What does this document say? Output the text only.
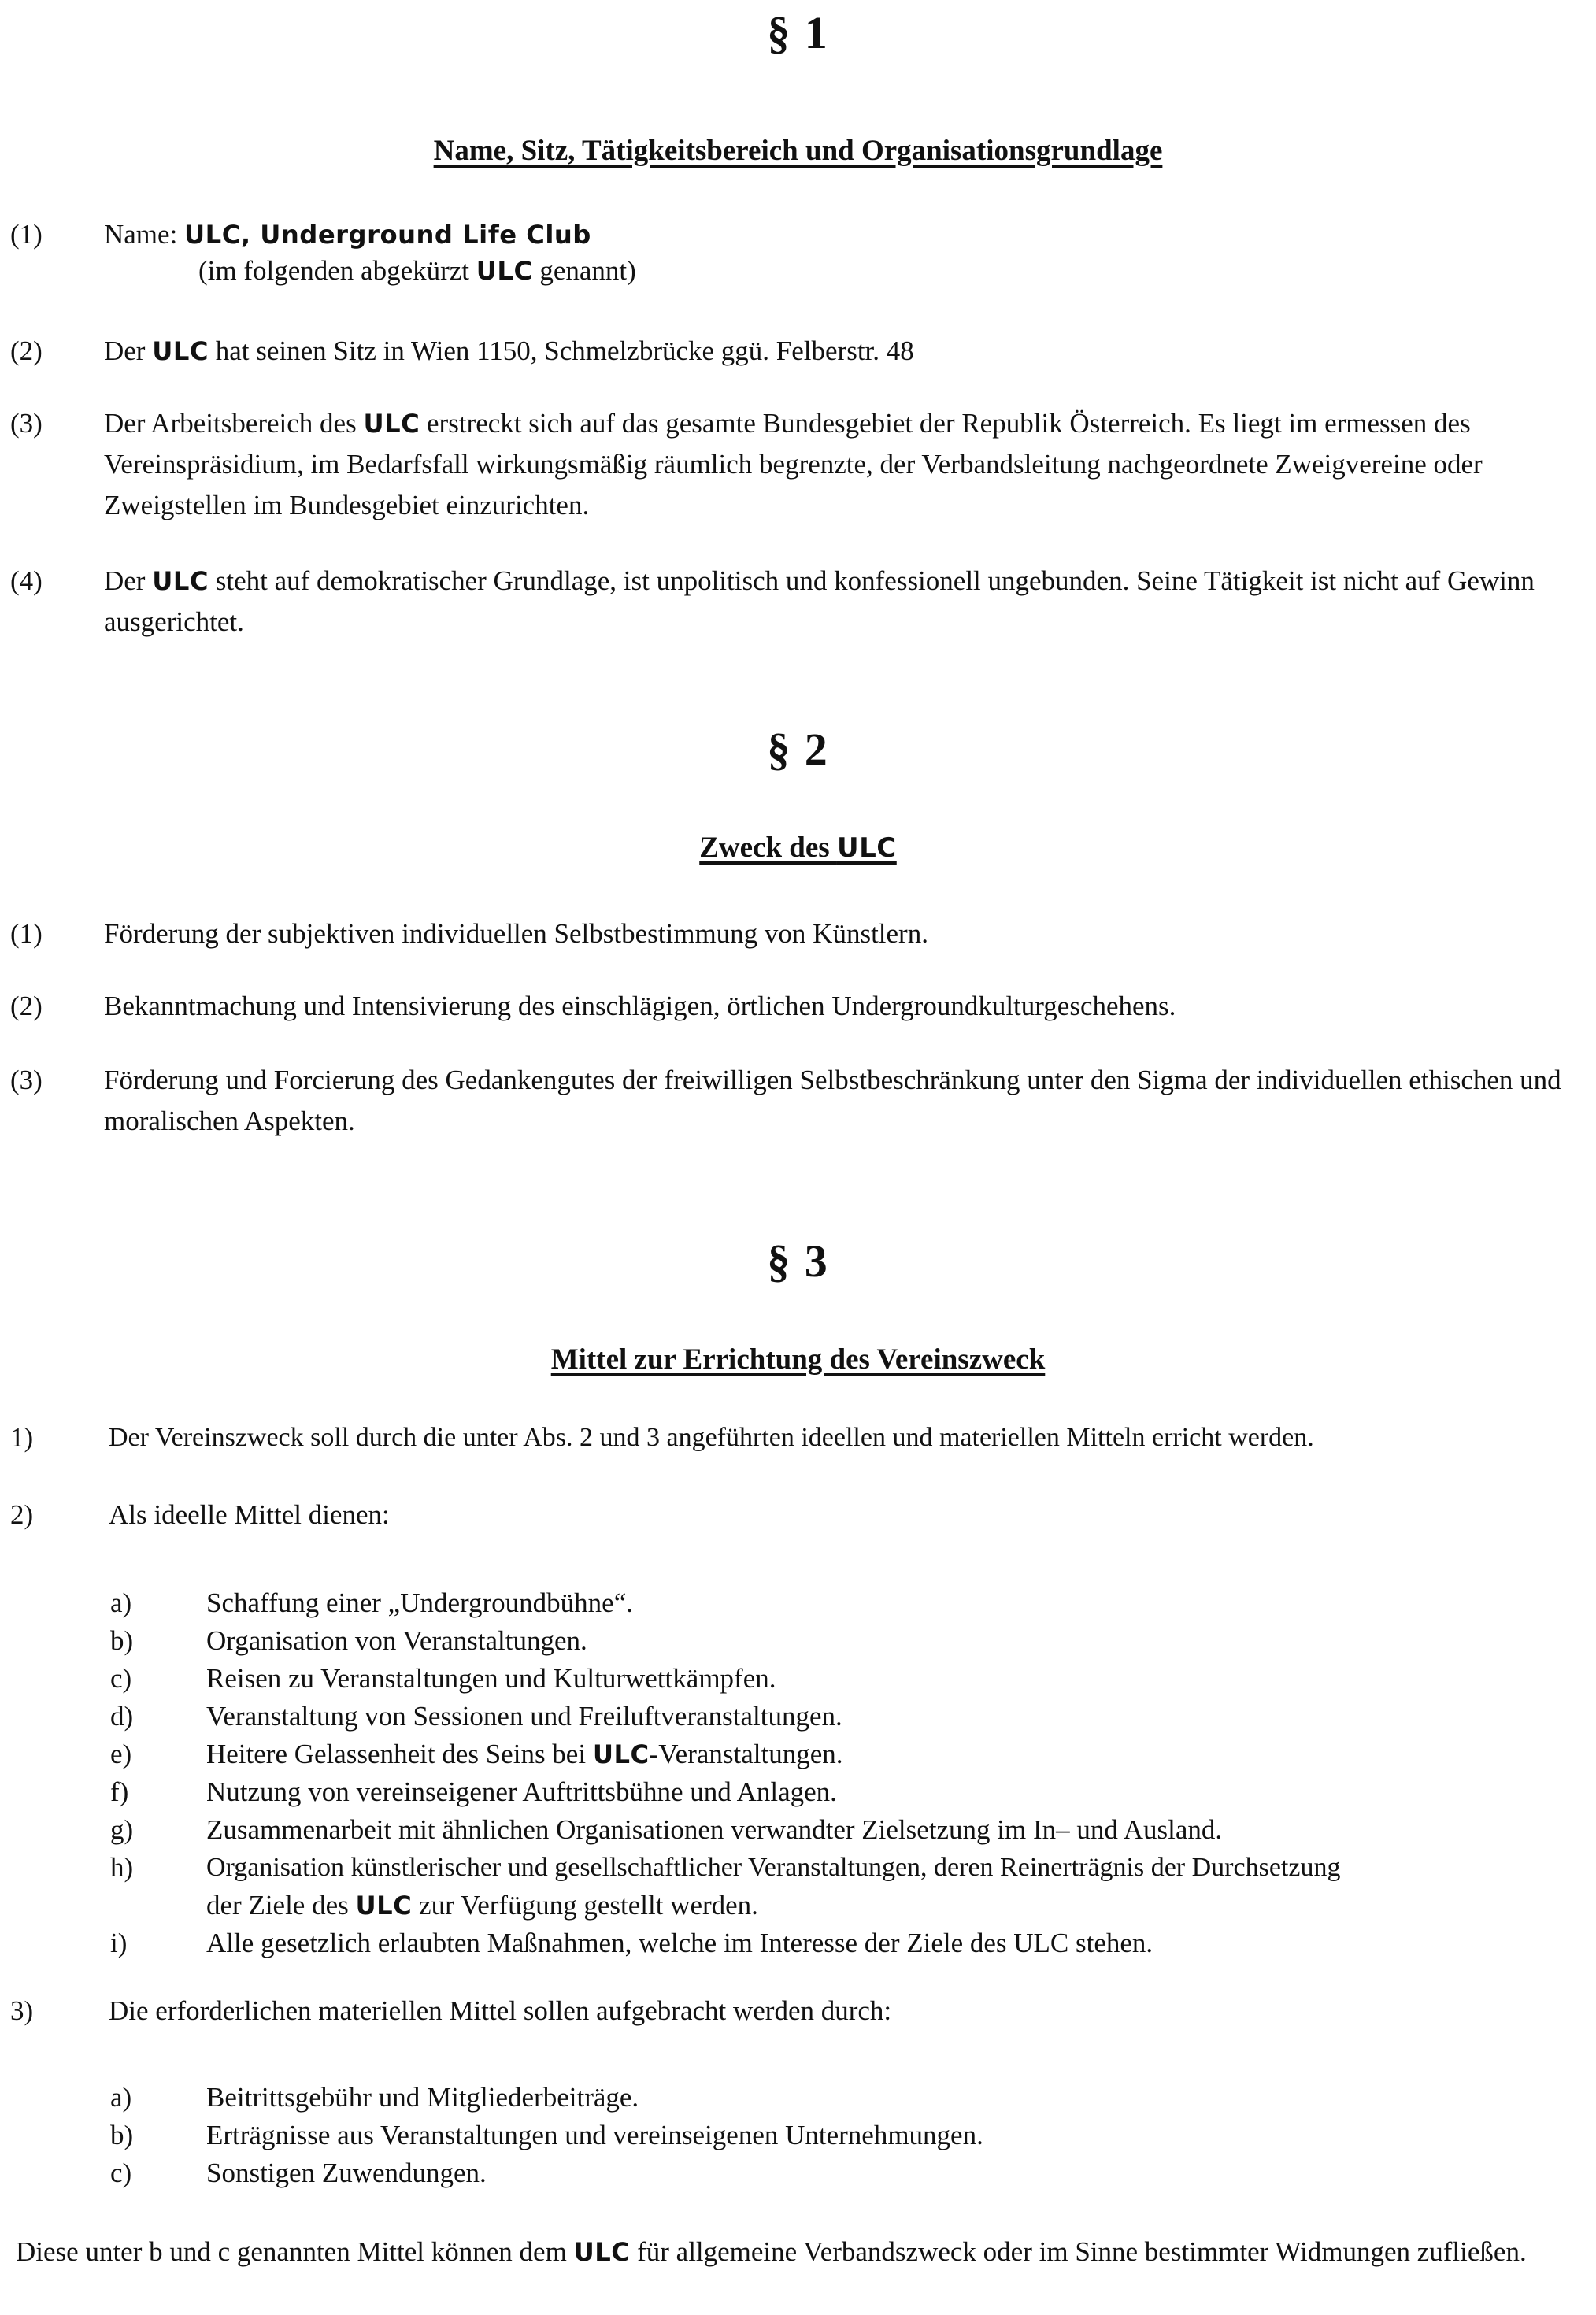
§ 1
Name, Sitz, Tätigkeitsbereich und Organisationsgrundlage
(1) Name: ULC, Underground Life Club
(im folgenden abgekürzt ULC genannt)
(2) Der ULC hat seinen Sitz in Wien 1150, Schmelzbrücke ggü. Felberstr. 48
(3) Der Arbeitsbereich des ULC erstreckt sich auf das gesamte Bundesgebiet der Republik Österreich. Es liegt im ermessen des Vereinspräsidium, im Bedarfsfall wirkungsmäßig räumlich begrenzte, der Verbandsleitung nachgeordnete Zweigvereine oder Zweigstellen im Bundesgebiet einzurichten.
(4) Der ULC steht auf demokratischer Grundlage, ist unpolitisch und konfessionell ungebunden. Seine Tätigkeit ist nicht auf Gewinn ausgerichtet.
§ 2
Zweck des ULC
(1) Förderung der subjektiven individuellen Selbstbestimmung von Künstlern.
(2) Bekanntmachung und Intensivierung des einschlägigen, örtlichen Undergroundkulturgeschehens.
(3) Förderung und Forcierung des Gedankengutes der freiwilligen Selbstbeschränkung unter den Sigma der individuellen ethischen und moralischen Aspekten.
§ 3
Mittel zur Errichtung des Vereinszweck
1)	Der Vereinszweck soll durch die unter Abs. 2 und 3 angeführten ideellen und materiellen Mitteln erricht werden.
2)	Als ideelle Mittel dienen:
a)	Schaffung einer „Undergroundbühne“.
b)	Organisation von Veranstaltungen.
c)	Reisen zu Veranstaltungen und Kulturwettkämpfen.
d)	Veranstaltung von Sessionen und Freiluftveranstaltungen.
e)	Heitere Gelassenheit des Seins bei ULC-Veranstaltungen.
f)	Nutzung von vereinseigener Auftrittsbühne und Anlagen.
g)	Zusammenarbeit mit ähnlichen Organisationen verwandter Zielsetzung im In– und Ausland.
h)	Organisation künstlerischer und gesellschaftlicher Veranstaltungen, deren Reinerträgnis der Durchsetzung
der Ziele des ULC zur Verfügung gestellt werden.
i)	Alle gesetzlich erlaubten Maßnahmen, welche im Interesse der Ziele des ULC stehen.
3)	Die erforderlichen materiellen Mittel sollen aufgebracht werden durch:
a)	Beitrittsgebühr und Mitgliederbeiträge.
b)	Erträgnisse aus Veranstaltungen und vereinseigenen Unternehmungen.
c)	Sonstigen Zuwendungen.
Diese unter b und c genannten Mittel können dem ULC für allgemeine Verbandszweck oder im Sinne bestimmter Widmungen zufließen.
